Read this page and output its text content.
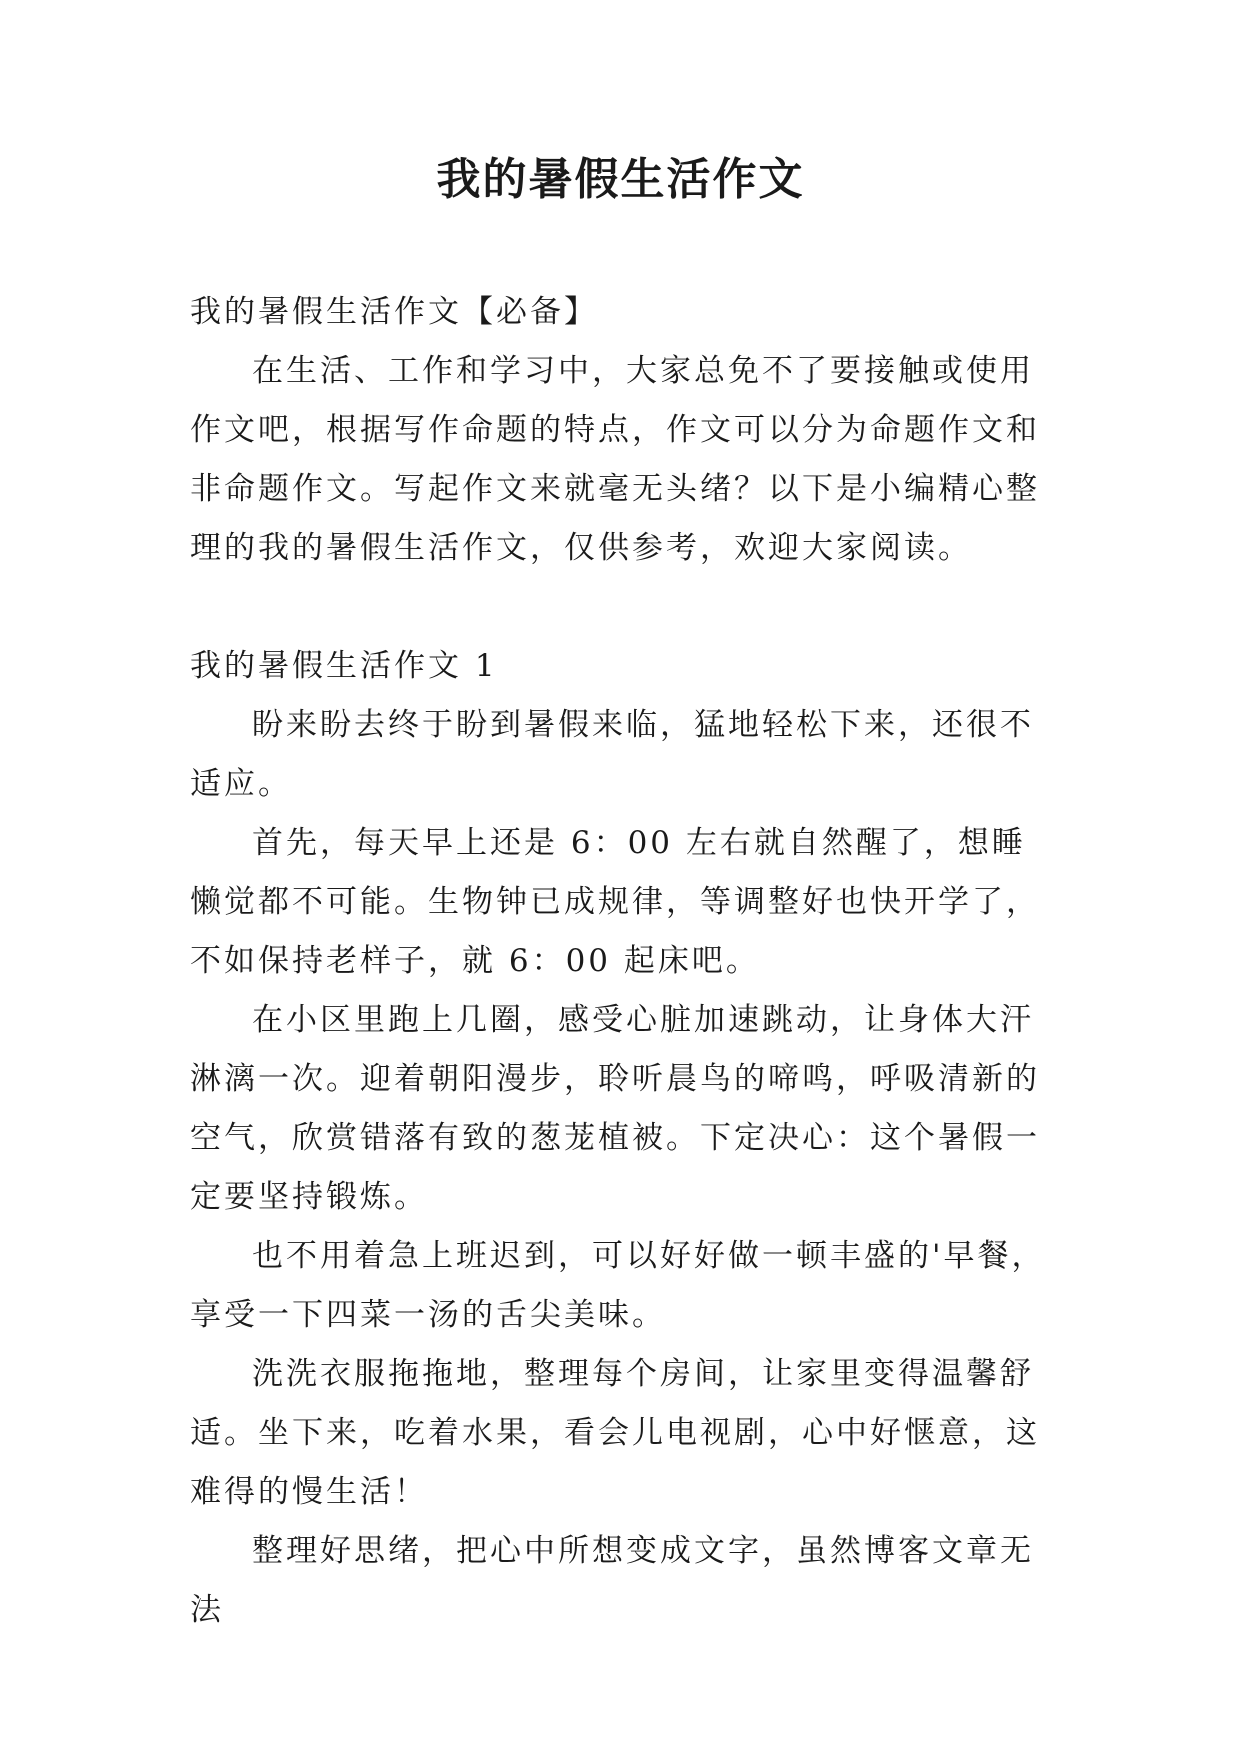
我的暑假生活作文

我的暑假生活作文【必备】

在生活、工作和学习中，大家总免不了要接触或使用作文吧，根据写作命题的特点，作文可以分为命题作文和非命题作文。写起作文来就毫无头绪？以下是小编精心整理的我的暑假生活作文，仅供参考，欢迎大家阅读。

我的暑假生活作文 1

盼来盼去终于盼到暑假来临，猛地轻松下来，还很不适应。

首先，每天早上还是 6：00 左右就自然醒了，想睡懒觉都不可能。生物钟已成规律，等调整好也快开学了，不如保持老样子，就 6：00 起床吧。

在小区里跑上几圈，感受心脏加速跳动，让身体大汗淋漓一次。迎着朝阳漫步，聆听晨鸟的啼鸣，呼吸清新的空气，欣赏错落有致的葱茏植被。下定决心：这个暑假一定要坚持锻炼。

也不用着急上班迟到，可以好好做一顿丰盛的'早餐，享受一下四菜一汤的舌尖美味。

洗洗衣服拖拖地，整理每个房间，让家里变得温馨舒适。坐下来，吃着水果，看会儿电视剧，心中好惬意，这难得的慢生活！

整理好思绪，把心中所想变成文字，虽然博客文章无法
